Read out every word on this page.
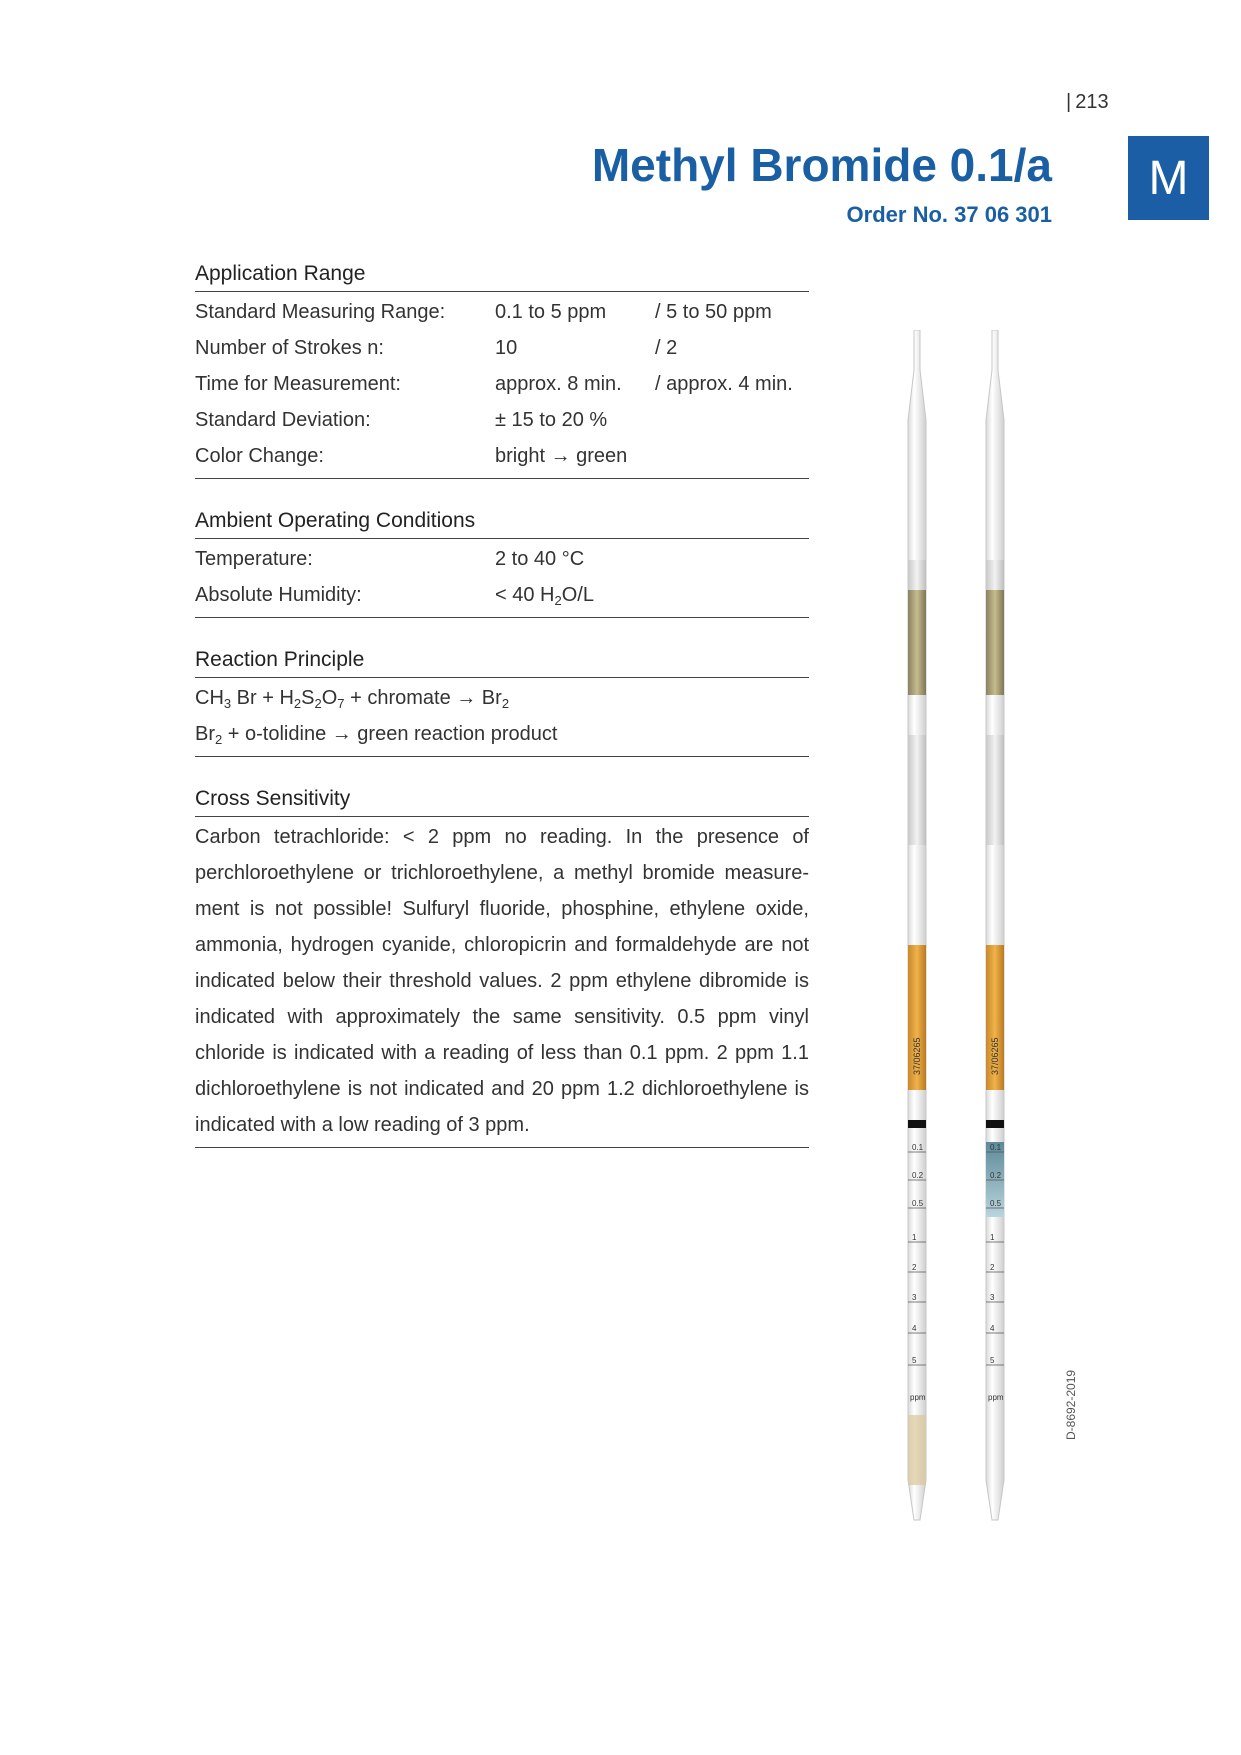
| 213
Methyl Bromide 0.1/a
Order No. 37 06 301
M
Application Range
Standard Measuring Range:	0.1 to 5 ppm	/ 5 to 50 ppm
Number of Strokes n:	10	/ 2
Time for Measurement:	approx. 8 min.	/ approx. 4 min.
Standard Deviation:	± 15 to 20 %
Color Change:	bright → green
Ambient Operating Conditions
Temperature:	2 to 40 °C
Absolute Humidity:	< 40 $H_2O/L$
Reaction Principle
$CH_3$ $Br + H_2S_2O_7$ + chromate → $Br_2$
$Br_2$ + o-tolidine → green reaction product
Cross Sensitivity
Carbon tetrachloride: < 2 ppm no reading. In the presence of perchloroethylene or trichloroethylene, a methyl bromide measurement is not possible! Sulfuryl fluoride, phosphine, ethylene oxide, ammonia, hydrogen cyanide, chloropicrin and formaldehyde are not indicated below their threshold values. 2 ppm ethylene dibromide is indicated with approximately the same sensitivity. 0.5 ppm vinyl chloride is indicated with a reading of less than 0.1 ppm. 2 ppm 1.1 dichloroethylene is not indicated and 20 ppm 1.2 dichloroethylene is indicated with a low reading of 3 ppm.
37/06265	37/06265
0.1
0.2
0.5
1
2
3
4
5
ppm
0.1
0.2
0.5
1
2
3
4
5
ppm	D-8692-2019
